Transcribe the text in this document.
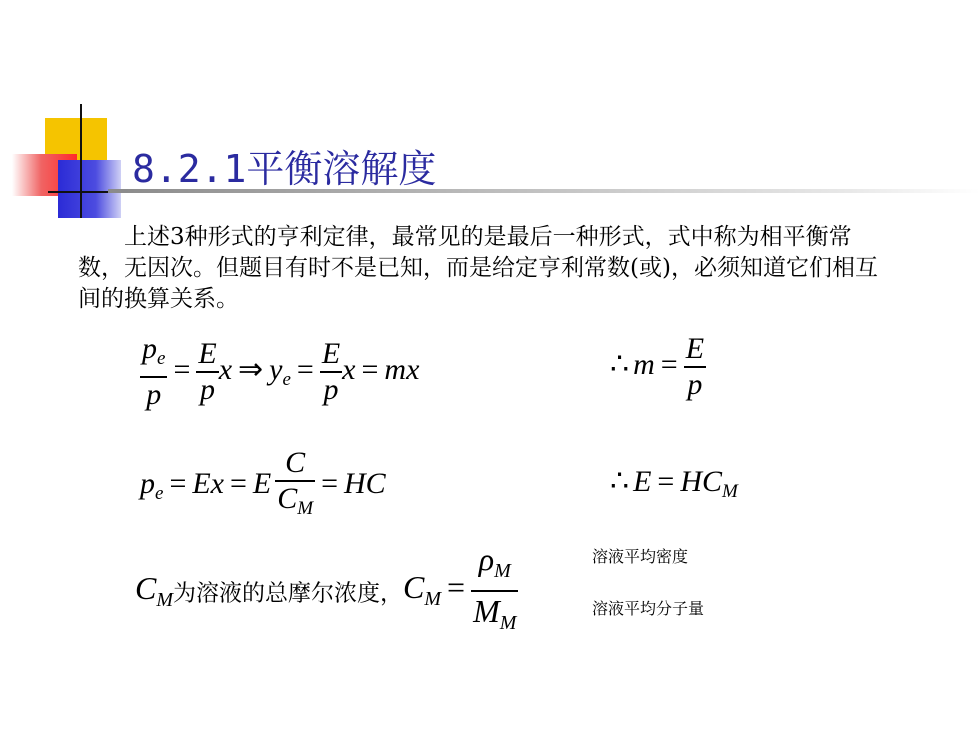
8.2.1平衡溶解度

上述3种形式的亨利定律，最常见的是最后一种形式，式中称为相平衡常数，无因次。但题目有时不是已知，而是给定亨利常数(或)，必须知道它们相互间的换算关系。

$\frac{p_e}{p} = \frac{E}{p}$ x ⇒ $y_e = \frac{E}{p}$ x = mx	∴ $m = \frac{E}{p}$
$p_e = Ex = E \frac{C}{C_M}$ = HC	∴ $E = HC_M$
$C_M$为溶液的总摩尔浓度，$C_M = \frac{\rho_M}{M_M}$	溶液平均密度
溶液平均分子量
